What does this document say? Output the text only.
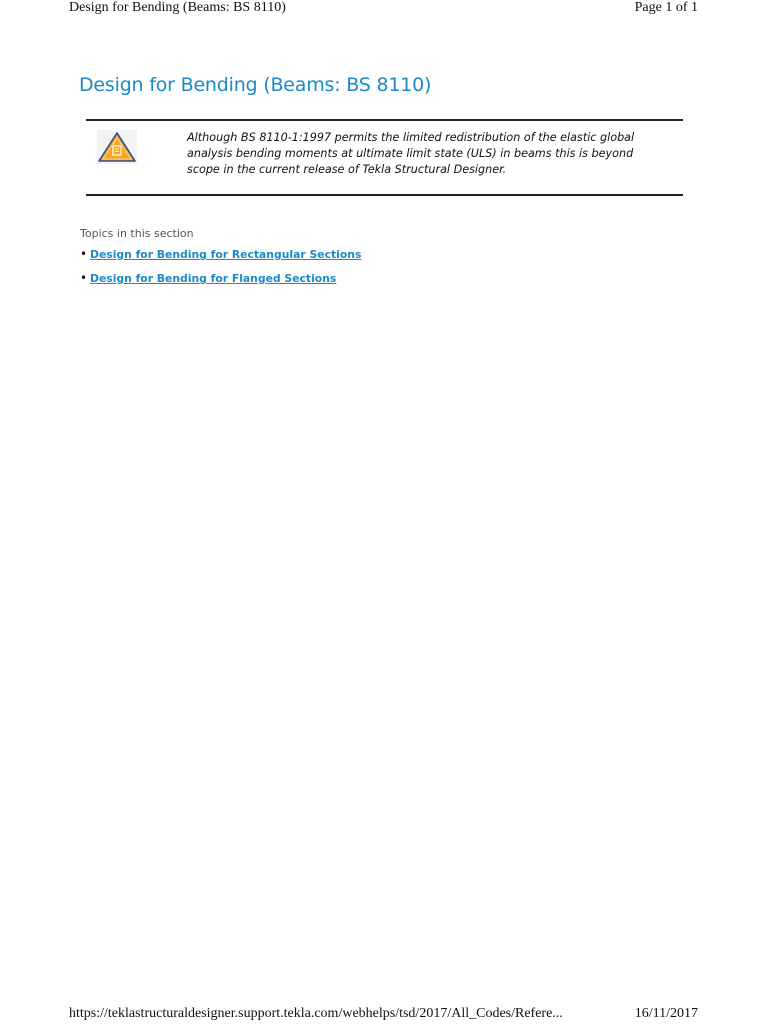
Design for Bending (Beams: BS 8110)	Page 1 of 1
Design for Bending (Beams: BS 8110)
Although BS 8110-1:1997 permits the limited redistribution of the elastic global analysis bending moments at ultimate limit state (ULS) in beams this is beyond scope in the current release of Tekla Structural Designer.
Topics in this section
• Design for Bending for Rectangular Sections
• Design for Bending for Flanged Sections
https://teklastructuraldesigner.support.tekla.com/webhelps/tsd/2017/All_Codes/Refere...	16/11/2017
